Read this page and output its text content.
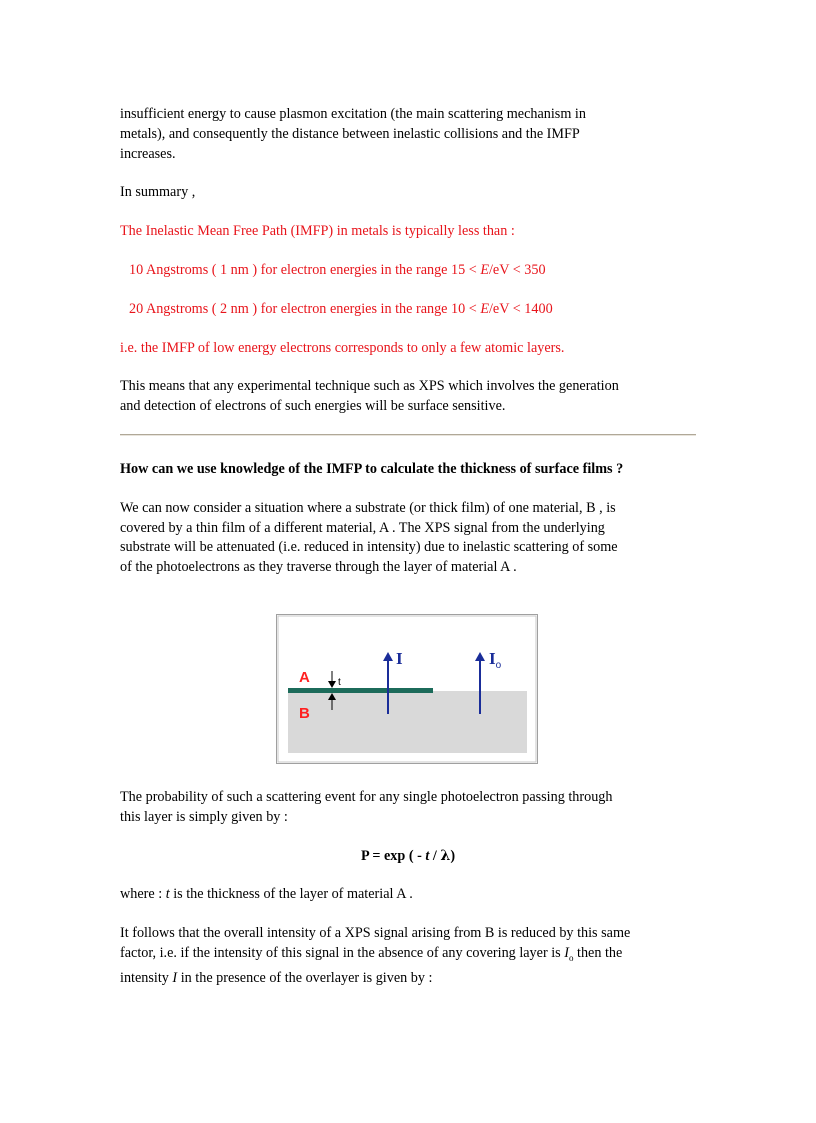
insufficient energy to cause plasmon excitation (the main scattering mechanism in
metals), and consequently the distance between inelastic collisions and the IMFP
increases.

In summary ,

The Inelastic Mean Free Path (IMFP) in metals is typically less than :

10 Angstroms ( 1 nm ) for electron energies in the range 15 < E/eV < 350

20 Angstroms ( 2 nm ) for electron energies in the range 10 < E/eV < 1400

i.e. the IMFP of low energy electrons corresponds to only a few atomic layers.

This means that any experimental technique such as XPS which involves the generation
and detection of electrons of such energies will be surface sensitive.

How can we use knowledge of the IMFP to calculate the thickness of surface films ?

We can now consider a situation where a substrate (or thick film) of one material, B , is
covered by a thin film of a different material, A . The XPS signal from the underlying
substrate will be attenuated (i.e. reduced in intensity) due to inelastic scattering of some
of the photoelectrons as they traverse through the layer of material A .

A
B
t
I	$I_o$

The probability of such a scattering event for any single photoelectron passing through
this layer is simply given by :

P = exp ( - t / λ)

where : t is the thickness of the layer of material A .

It follows that the overall intensity of a XPS signal arising from B is reduced by this same
factor, i.e. if the intensity of this signal in the absence of any covering layer is $I_o$ then the
intensity I in the presence of the overlayer is given by :
